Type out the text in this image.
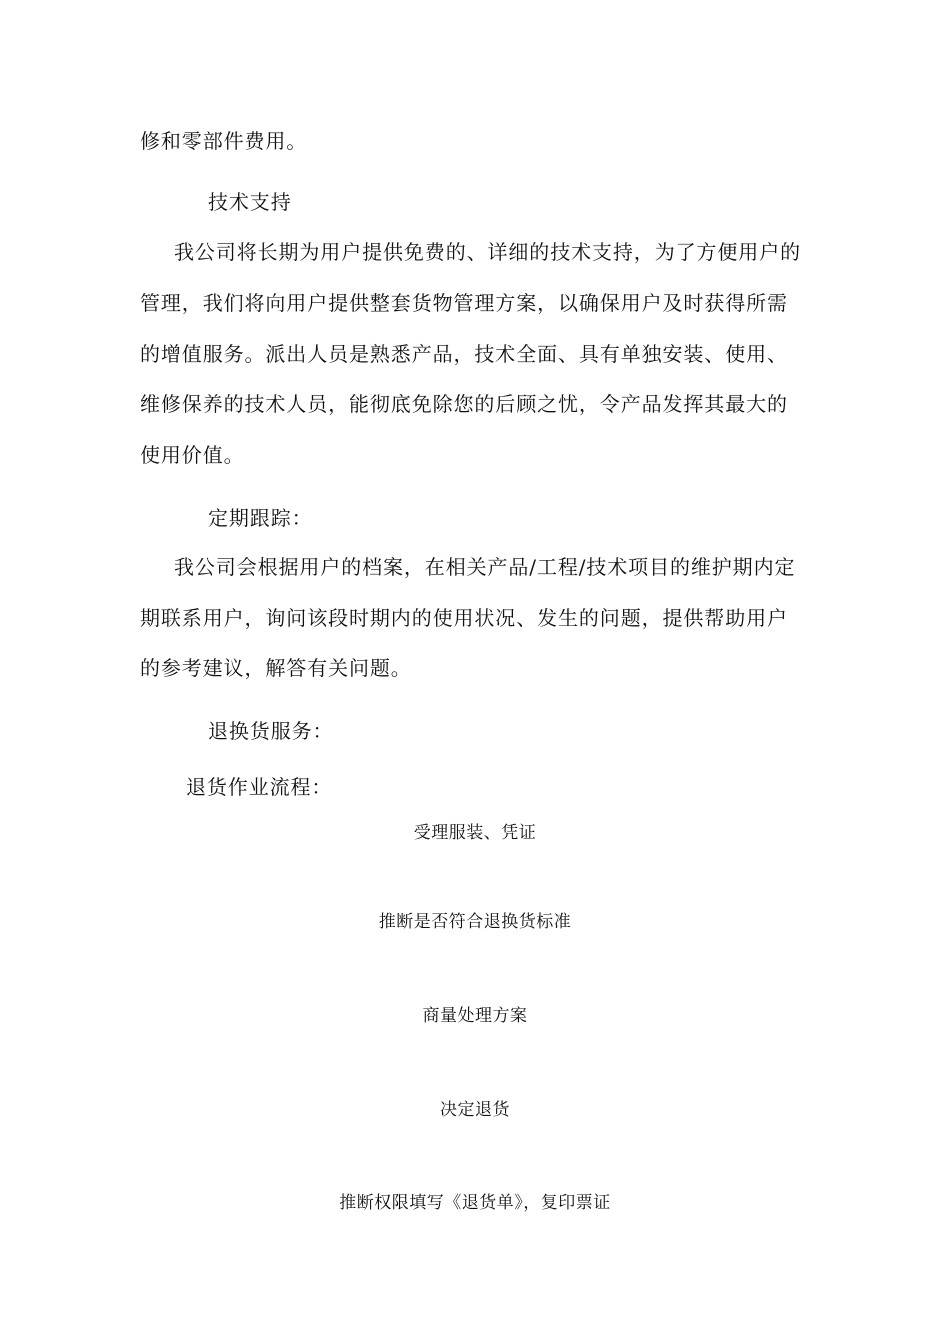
修和零部件费用。
技术支持
我公司将长期为用户提供免费的、详细的技术支持，为了方便用户的
管理，我们将向用户提供整套货物管理方案，以确保用户及时获得所需
的增值服务。派出人员是熟悉产品，技术全面、具有单独安装、使用、
维修保养的技术人员，能彻底免除您的后顾之忧，令产品发挥其最大的
使用价值。
定期跟踪：
我公司会根据用户的档案，在相关产品/工程/技术项目的维护期内定
期联系用户，询问该段时期内的使用状况、发生的问题，提供帮助用户
的参考建议，解答有关问题。
退换货服务：
退货作业流程：
受理服装、凭证
推断是否符合退换货标准
商量处理方案
决定退货
推断权限填写《退货单》，复印票证
